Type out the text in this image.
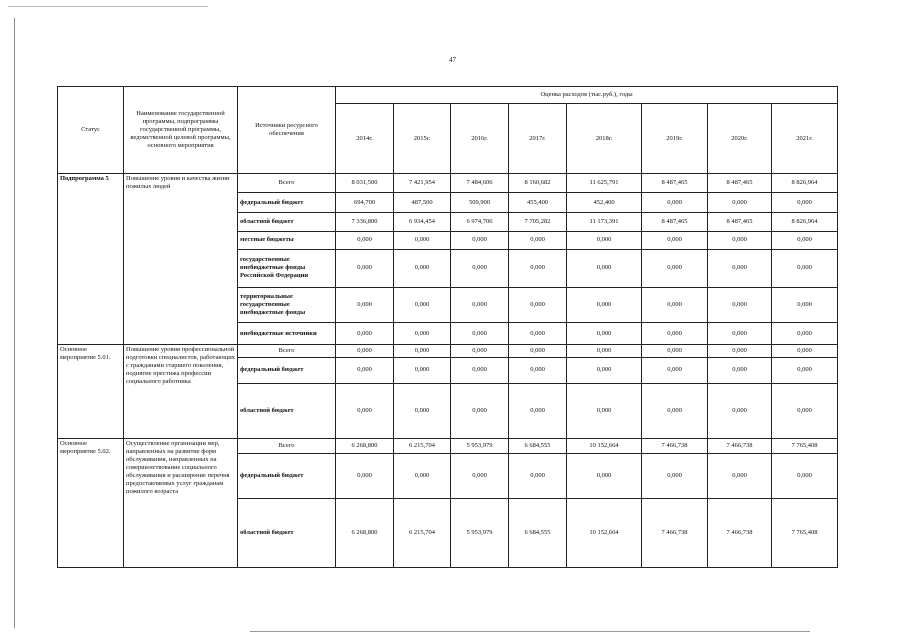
47
Статус	Наименование государственной программы, подпрограммы государственной программы, ведомственной целевой программы, основного мероприятия	Источники ресурсного обеспечения	Оценка расходов (тыс.руб.), годы							
			2014г.	2015г.	2016г.	2017г.	2018г.	2019г.	2020г.	2021г.
Подпрограмма 5	Повышение уровня и качества жизни пожилых людей	Всего	8 031,500	7 421,954	7 484,606	8 160,682	11 625,791	8 487,465	8 487,465	8 826,964
		федеральный бюджет	694,700	487,500	509,900	455,400	452,400	0,000	0,000	0,000
		областной бюджет	7 336,800	6 934,454	6 974,706	7 705,282	11 173,391	8 487,465	8 487,465	8 826,964
		местные бюджеты	0,000	0,000	0,000	0,000	0,000	0,000	0,000	0,000
		государственные внебюджетные фонды Российской Федерации	0,000	0,000	0,000	0,000	0,000	0,000	0,000	0,000
		территориальные государственные внебюджетные фонды	0,000	0,000	0,000	0,000	0,000	0,000	0,000	0,000
		внебюджетные источники	0,000	0,000	0,000	0,000	0,000	0,000	0,000	0,000
Основное мероприятие 5.01.	Повышение уровня профессиональной подготовки специалистов, работающих с гражданами старшего поколения, поднятие престижа профессии социального работника	Всего	0,000	0,000	0,000	0,000	0,000	0,000	0,000	0,000
		федеральный бюджет	0,000	0,000	0,000	0,000	0,000	0,000	0,000	0,000
		областной бюджет	0,000	0,000	0,000	0,000	0,000	0,000	0,000	0,000
Основное мероприятие 5.02.	Осуществление организации мер, направленных на развитие форм обслуживания, направленных на совершенствование социального обслуживания и расширение перечня предоставляемых услуг гражданам пожилого возраста	Всего	6 268,800	6 215,704	5 953,979	6 684,555	10 152,664	7 466,738	7 466,738	7 765,408
		федеральный бюджет	0,000	0,000	0,000	0,000	0,000	0,000	0,000	0,000
		областной бюджет	6 268,800	6 215,704	5 953,979	6 684,555	10 152,664	7 466,738	7 466,738	7 765,408
